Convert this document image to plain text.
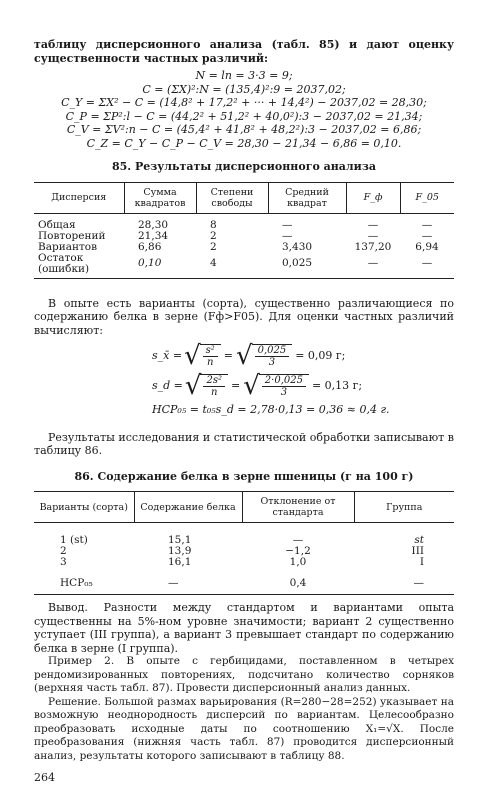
таблицу дисперсионного анализа (табл. 85) и дают оценку существенности частных различий:

N = ln = 3·3 = 9;

C = (ΣX)²:N = (135,4)²:9 = 2037,02;

C_Y = ΣX² − C = (14,8² + 17,2² + ··· + 14,4²) − 2037,02 = 28,30;

C_P = ΣP²:l − C = (44,2² + 51,2² + 40,0²):3 − 2037,02 = 21,34;

C_V = ΣV²:n − C = (45,4² + 41,8² + 48,2²):3 − 2037,02 = 6,86;

C_Z = C_Y − C_P − C_V = 28,30 − 21,34 − 6,86 = 0,10.

85. Результаты дисперсионного анализа

Дисперсия	Сумма квадратов	Степени свободы	Средний квадрат	F_ф	F_05
Общая	28,30	8	—	—	—
Повторений	21,34	2	—	—	—
Вариантов	6,86	2	3,430	137,20	6,94
Остаток (ошибки)	0,10	4	0,025	—	—

В опыте есть варианты (сорта), существенно различающиеся по содержанию белка в зерне (Fф>F05). Для оценки частных различий вычисляют:

s_x̄ = √ $\frac{\text{s²}}{n}$ = √ $\frac{0,025}{3} = 0,09$ г;
s_d = √ $\frac{\text{2s²}}{n}$ = √ $\frac{2\cdot 0,025}{3} = 0,13$ г;
НСР₀₅ = t₀₅s_d = 2,78·0,13 = 0,36 ≈ 0,4 г.

Результаты исследования и статистической обработки записывают в таблицу 86.

86. Содержание белка в зерне пшеницы (г на 100 г)

Варианты (сорта)	Содержание белка	Отклонение от стандарта	Группа
1 (st)	15,1	—	st
2	13,9	−1,2	III
3	16,1	1,0	I
НСР₀₅	—	0,4	—

Вывод. Разности между стандартом и вариантами опыта существенны на 5%-ном уровне значимости; вариант 2 существенно уступает (III группа), а вариант 3 превышает стандарт по содержанию белка в зерне (I группа).

Пример 2. В опыте с гербицидами, поставленном в четырех рендомизированных повторениях, подсчитано количество сорняков (верхняя часть табл. 87). Провести дисперсионный анализ данных.

Решение. Большой размах варьирования (R=280−28=252) указывает на возможную неоднородность дисперсий по вариантам. Целесообразно преобразовать исходные даты по соотношению X₁=√X. После преобразования (нижняя часть табл. 87) проводится дисперсионный анализ, результаты которого записывают в таблицу 88.

264
